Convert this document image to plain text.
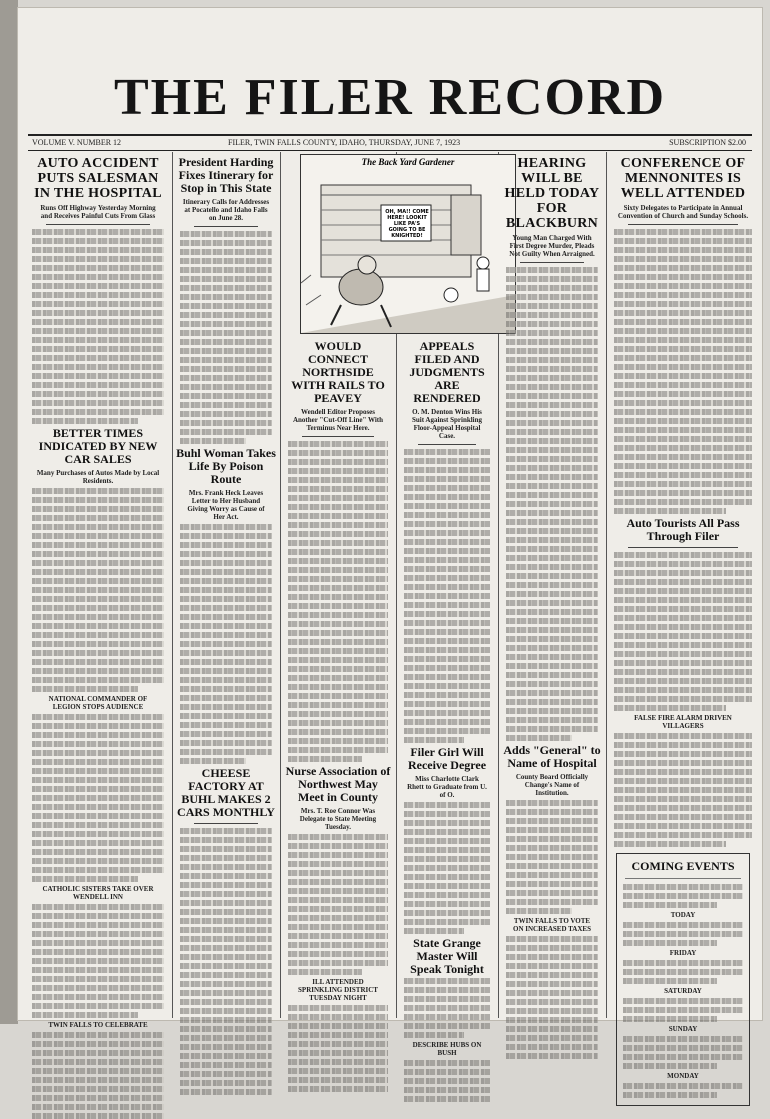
THE FILER RECORD
VOLUME V. NUMBER 12	FILER, TWIN FALLS COUNTY, IDAHO, THURSDAY, JUNE 7, 1923	SUBSCRIPTION $2.00
AUTO ACCIDENT PUTS SALESMAN IN THE HOSPITAL
Runs Off Highway Yesterday Morning and Receives Painful Cuts From Glass
BETTER TIMES INDICATED BY NEW CAR SALES
Many Purchases of Autos Made by Local Residents.
NATIONAL COMMANDER OF LEGION STOPS AUDIENCE
CATHOLIC SISTERS TAKE OVER WENDELL INN
TWIN FALLS TO CELEBRATE
President Harding Fixes Itinerary for Stop in This State
Itinerary Calls for Addresses at Pocatello and Idaho Falls on June 28.
Buhl Woman Takes Life By Poison Route
Mrs. Frank Heck Leaves Letter to Her Husband Giving Worry as Cause of Her Act.
CHEESE FACTORY AT BUHL MAKES 2 CARS MONTHLY
The Back Yard Gardener
OH, MA!! COME HERE! LOOKIT LIKE PA'S GOING TO BE KNIGHTED!
WOULD CONNECT NORTHSIDE WITH RAILS TO PEAVEY
Wendell Editor Proposes Another "Cut-Off Line" With Terminus Near Here.
Nurse Association of Northwest May Meet in County
Mrs. T. Roe Connor Was Delegate to State Meeting Tuesday.
ILL ATTENDED SPRINKLING DISTRICT TUESDAY NIGHT
APPEALS FILED AND JUDGMENTS ARE RENDERED
O. M. Denton Wins His Suit Against Sprinkling Floor-Appeal Hospital Case.
Filer Girl Will Receive Degree
Miss Charlotte Clark Rhett to Graduate from U. of O.
State Grange Master Will Speak Tonight
DESCRIBE HUBS ON BUSH
HEARING WILL BE HELD TODAY FOR BLACKBURN
Young Man Charged With First Degree Murder, Pleads Not Guilty When Arraigned.
Adds "General" to Name of Hospital
County Board Officially Change's Name of Institution.
TWIN FALLS TO VOTE ON INCREASED TAXES
CONFERENCE OF MENNONITES IS WELL ATTENDED
Sixty Delegates to Participate in Annual Convention of Church and Sunday Schools.
Auto Tourists All Pass Through Filer
FALSE FIRE ALARM DRIVEN VILLAGERS
COMING EVENTS
TODAY
FRIDAY
SATURDAY
SUNDAY
MONDAY
